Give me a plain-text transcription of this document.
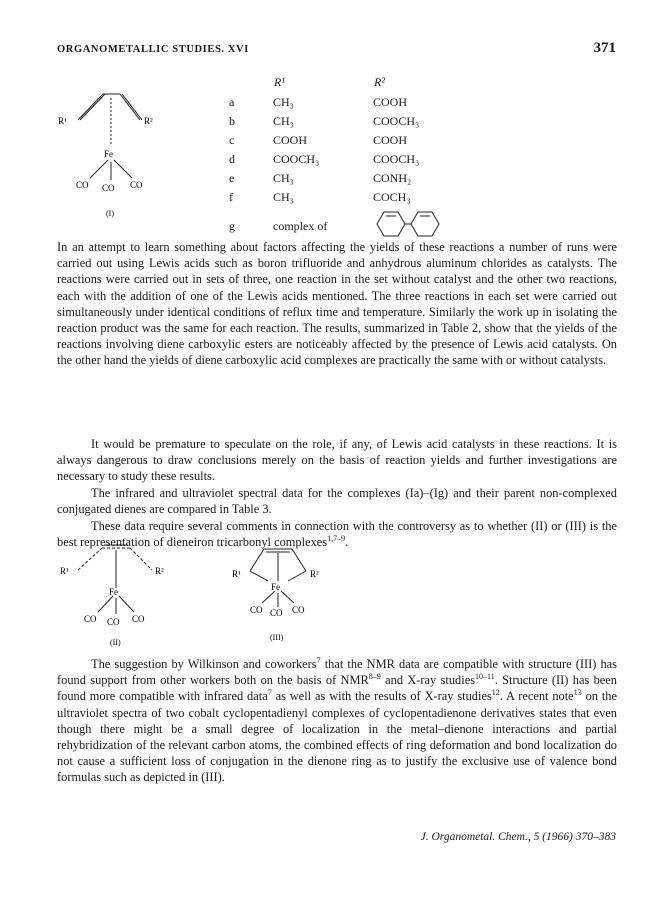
ORGANOMETALLIC STUDIES. XVI	371
R¹	R²
Fe
CO CO CO
(I)
	R¹	R²
a	CH₃	COOH
b	CH₃	COOCH₃
c	COOH	COOH
d	COOCH₃	COOCH₃
e	CH₃	CONH₂
f	CH₃	COCH₃
g	complex of	

In an attempt to learn something about factors affecting the yields of these reactions a number of runs were carried out using Lewis acids such as boron trifluoride and anhydrous aluminum chlorides as catalysts. The reactions were carried out in sets of three, one reaction in the set without catalyst and the other two reactions, each with the addition of one of the Lewis acids mentioned. The three reactions in each set were carried out simultaneously under identical conditions of reflux time and temperature. Similarly the work up in isolating the reaction product was the same for each reaction. The results, summarized in Table 2, show that the yields of the reactions involving diene carboxylic esters are noticeably affected by the presence of Lewis acid catalysts. On the other hand the yields of diene carboxylic acid complexes are practically the same with or without catalysts.

It would be premature to speculate on the role, if any, of Lewis acid catalysts in these reactions. It is always dangerous to draw conclusions merely on the basis of reaction yields and further investigations are necessary to study these results.

The infrared and ultraviolet spectral data for the complexes (Ia)–(Ig) and their parent non-complexed conjugated dienes are compared in Table 3.

These data require several comments in connection with the controversy as to whether (II) or (III) is the best representation of dieneiron tricarbonyl complexes$^{1,7-9}$.

R¹	R²
Fe
CO CO CO
(II)
R¹	R²
Fe
CO CO CO
(III)

The suggestion by Wilkinson and coworkers$^7$ that the NMR data are compatible with structure (III) has found support from other workers both on the basis of NMR$^{8-9}$ and X-ray studies$^{10-11}$. Structure (II) has been found more compatible with infrared data$^7$ as well as with the results of X-ray studies$^{12}$. A recent note$^{13}$ on the ultraviolet spectra of two cobalt cyclopentadienyl complexes of cyclopentadienone derivatives states that even though there might be a small degree of localization in the metal–dienone interactions and partial rehybridization of the relevant carbon atoms, the combined effects of ring deformation and bond localization do not cause a sufficient loss of conjugation in the dienone ring as to justify the exclusive use of valence bond formulas such as depicted in (III).

J. Organometal. Chem., 5 (1966) 370–383
